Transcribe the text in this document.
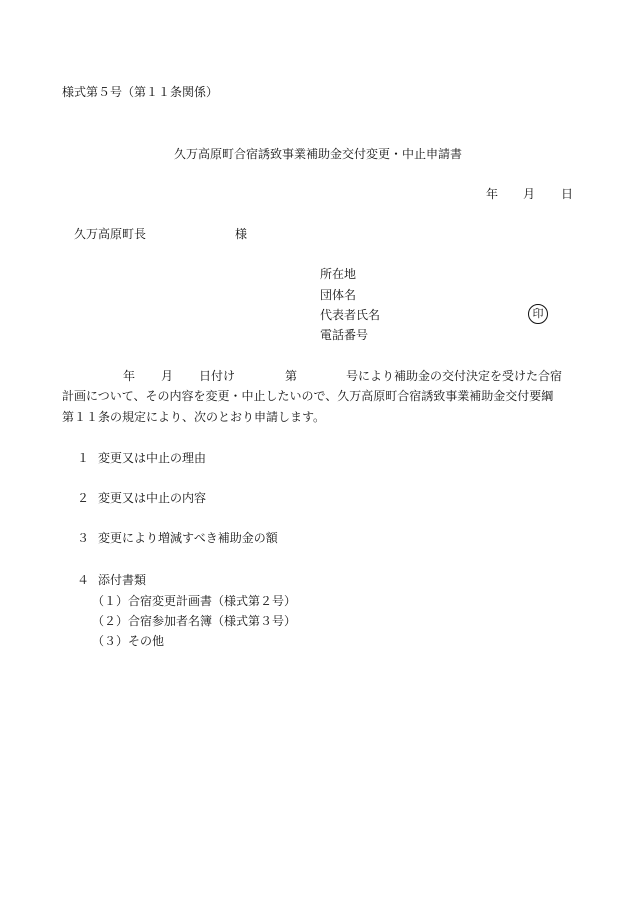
様式第５号（第１１条関係）
久万高原町合宿誘致事業補助金交付変更・中止申請書
年 月 日
久万高原町長	様
所在地
団体名
代表者氏名	印
電話番号
年 月 日付け	第	号により補助金の交付決定を受けた合宿
計画について、その内容を変更・中止したいので、久万高原町合宿誘致事業補助金交付要綱
第１１条の規定により、次のとおり申請します。
１ 変更又は中止の理由
２ 変更又は中止の内容
３ 変更により増減すべき補助金の額
４ 添付書類
（１）合宿変更計画書（様式第２号）
（２）合宿参加者名簿（様式第３号）
（３）その他
